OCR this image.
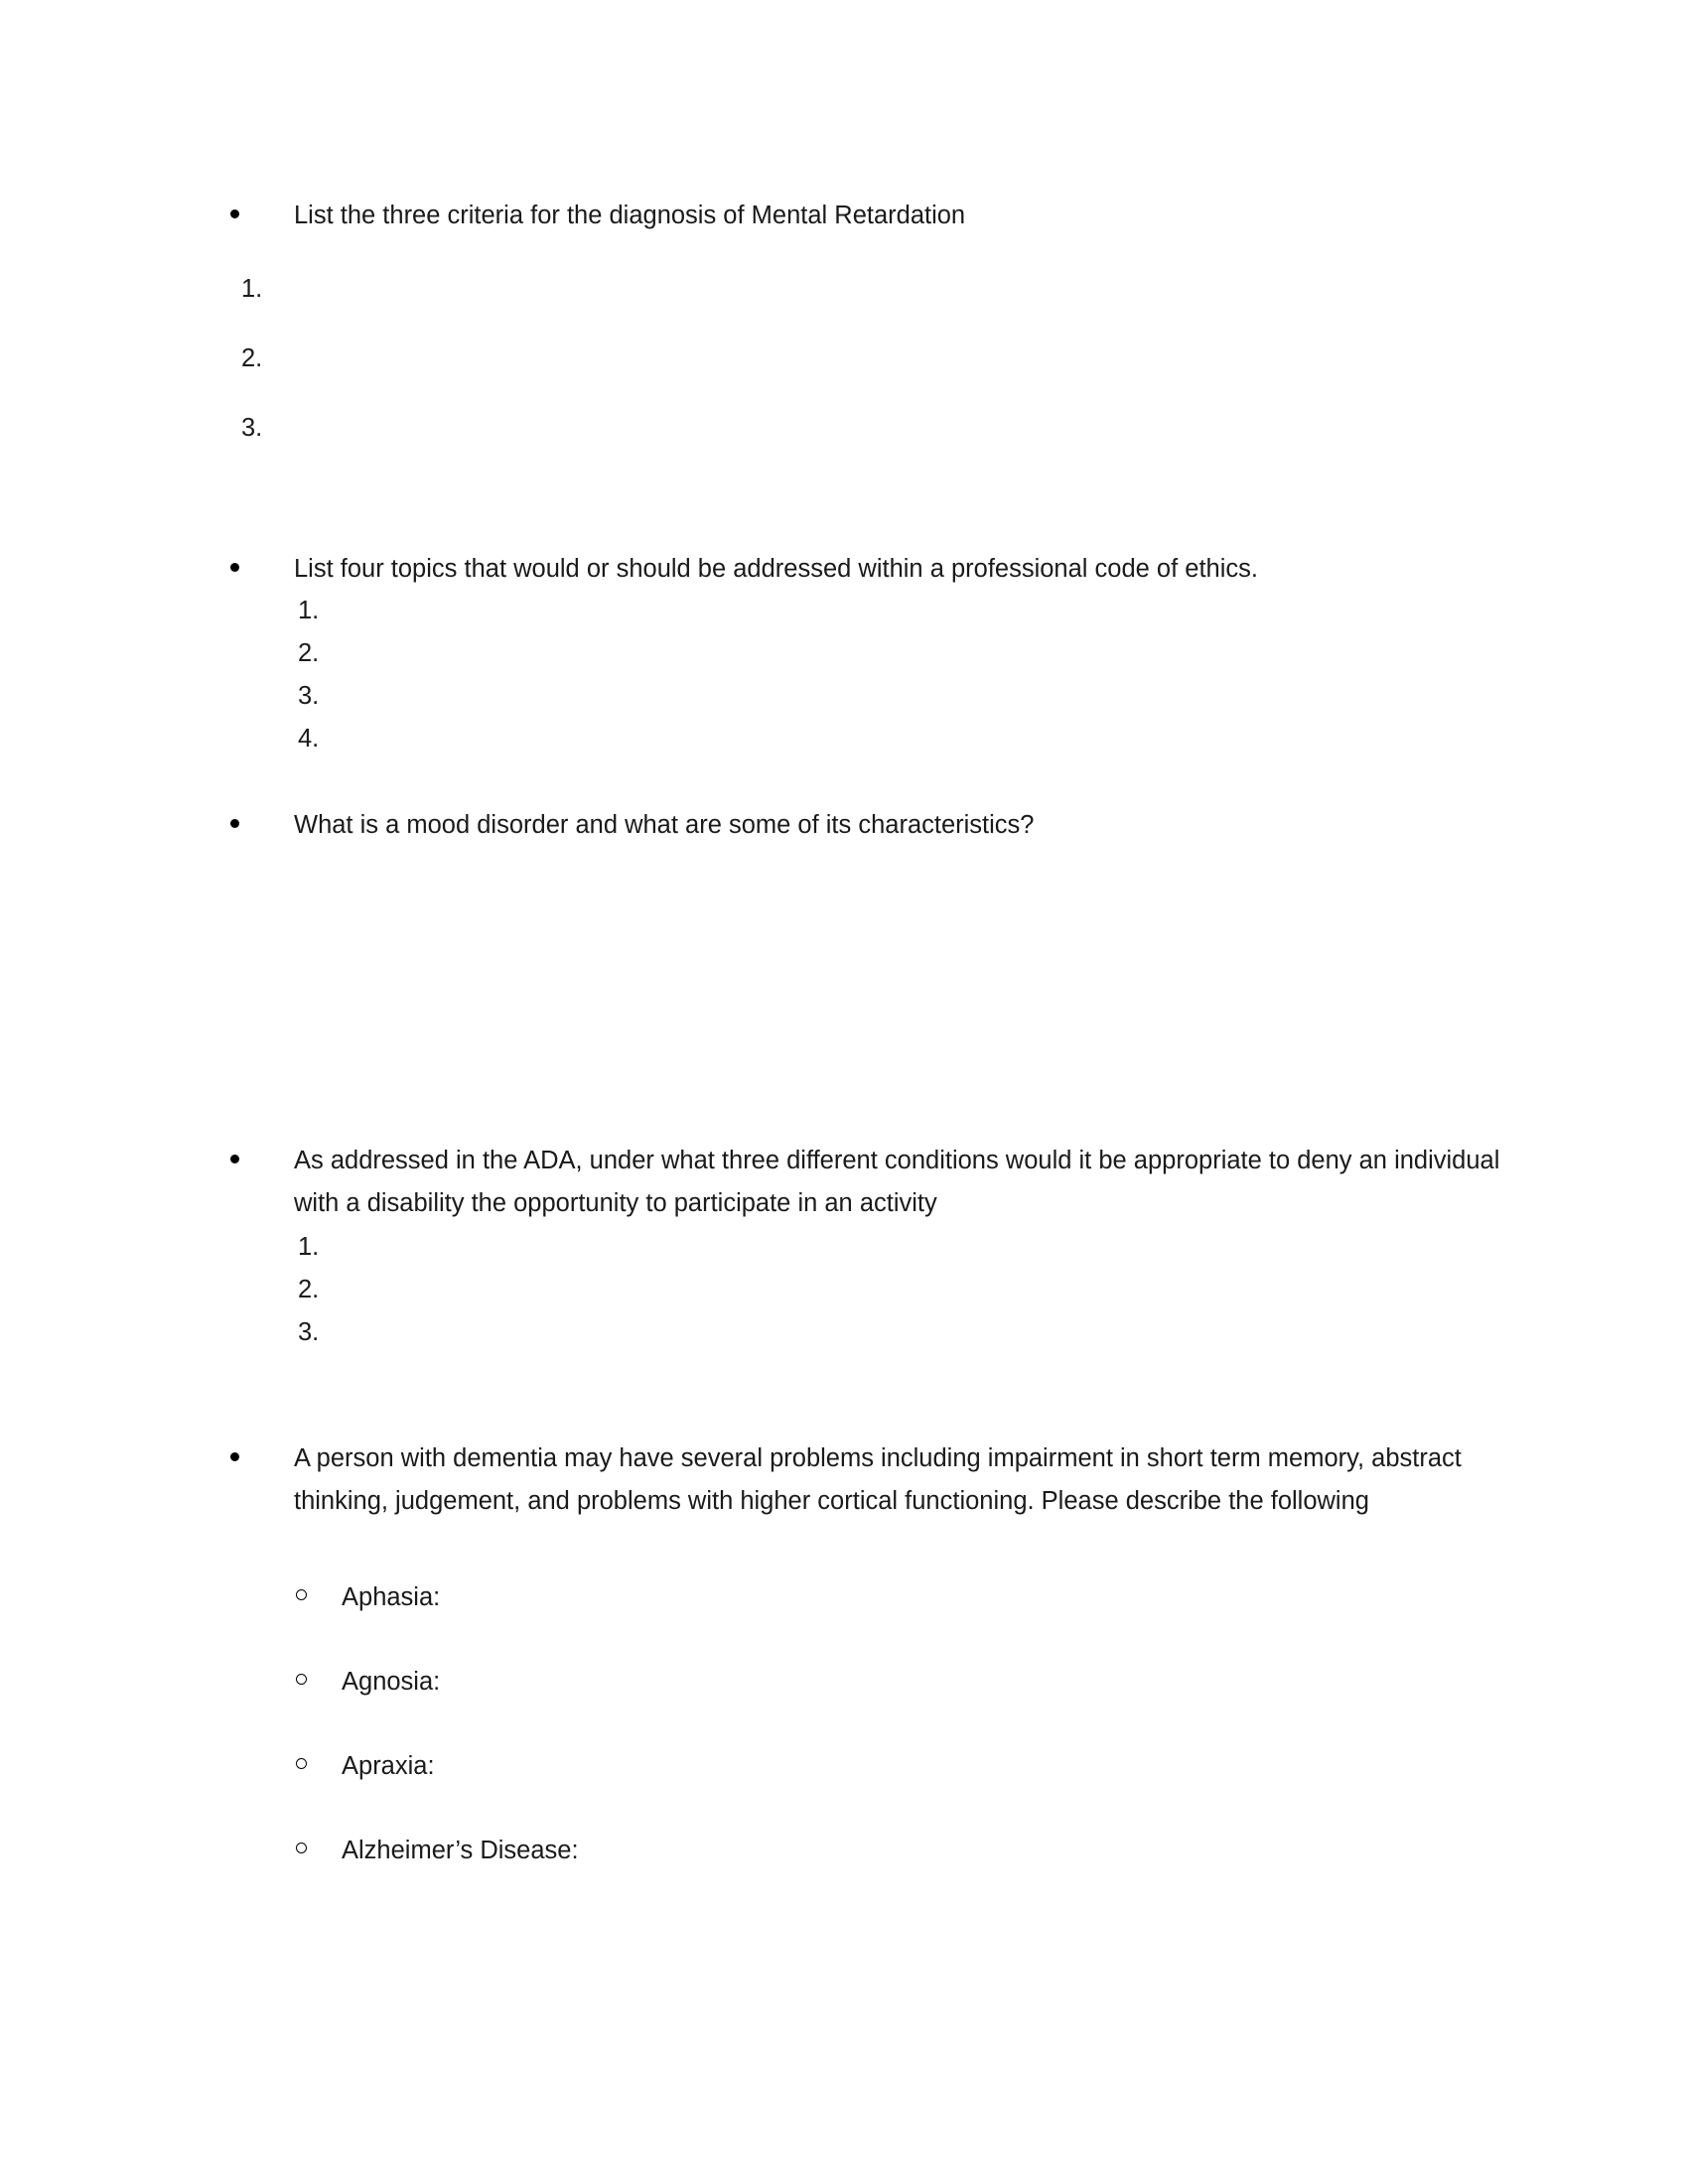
List the three criteria for the diagnosis of Mental Retardation
1.
2.
3.
List four topics that would or should be addressed within a professional code of ethics.
1.
2.
3.
4.
What is a mood disorder and what are some of its characteristics?
As addressed in the ADA, under what three different conditions would it be appropriate to deny an individual with a disability the opportunity to participate in an activity
1.
2.
3.
A person with dementia may have several problems including impairment in short term memory, abstract thinking, judgement, and problems with higher cortical functioning. Please describe the following
Aphasia:
Agnosia:
Apraxia:
Alzheimer’s Disease:
